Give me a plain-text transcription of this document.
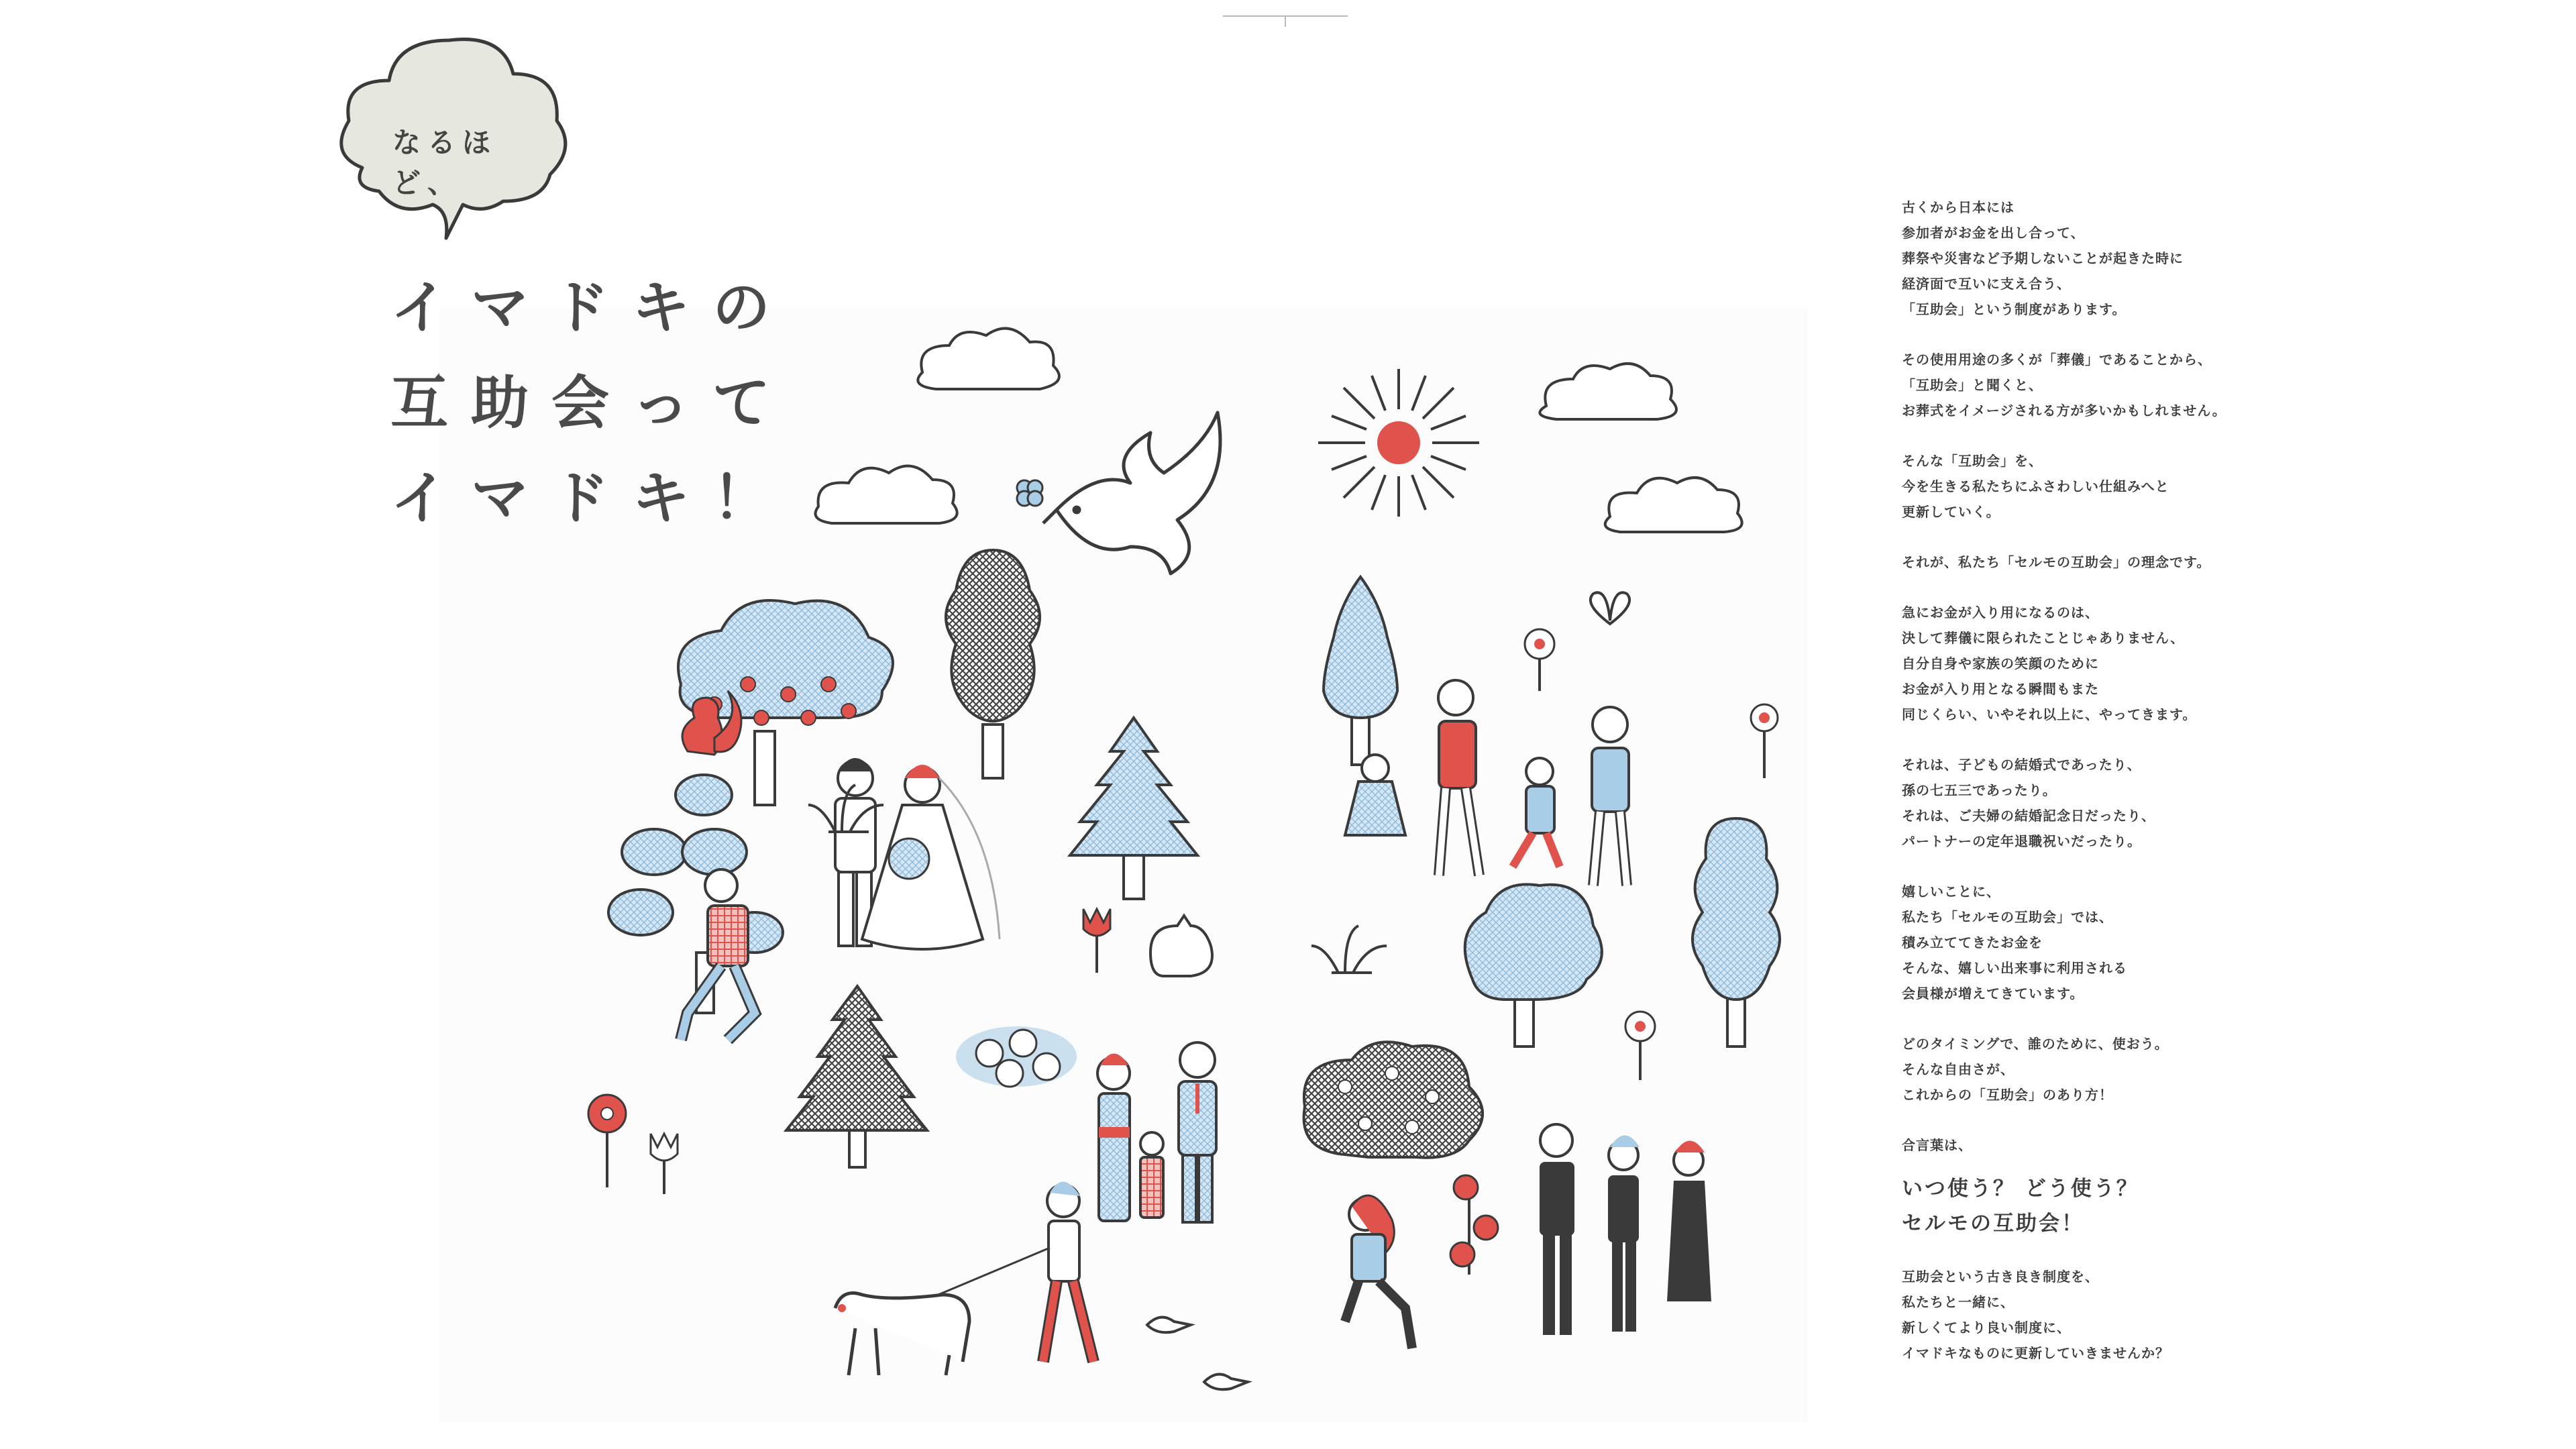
なるほど、
イマドキの
互助会って
イマドキ！

古くから日本には
参加者がお金を出し合って、
葬祭や災害など予期しないことが起きた時に
経済面で互いに支え合う、
「互助会」という制度があります。

その使用用途の多くが「葬儀」であることから、
「互助会」と聞くと、
お葬式をイメージされる方が多いかもしれません。

そんな「互助会」を、
今を生きる私たちにふさわしい仕組みへと
更新していく。

それが、私たち「セルモの互助会」の理念です。

急にお金が入り用になるのは、
決して葬儀に限られたことじゃありません、
自分自身や家族の笑顔のために
お金が入り用となる瞬間もまた
同じくらい、いやそれ以上に、やってきます。

それは、子どもの結婚式であったり、
孫の七五三であったり。
それは、ご夫婦の結婚記念日だったり、
パートナーの定年退職祝いだったり。

嬉しいことに、
私たち「セルモの互助会」では、
積み立ててきたお金を
そんな、嬉しい出来事に利用される
会員様が増えてきています。

どのタイミングで、誰のために、使おう。
そんな自由さが、
これからの「互助会」のあり方！

合言葉は、

いつ使う？ どう使う？
セルモの互助会！

互助会という古き良き制度を、
私たちと一緒に、
新しくてより良い制度に、
イマドキなものに更新していきませんか？
